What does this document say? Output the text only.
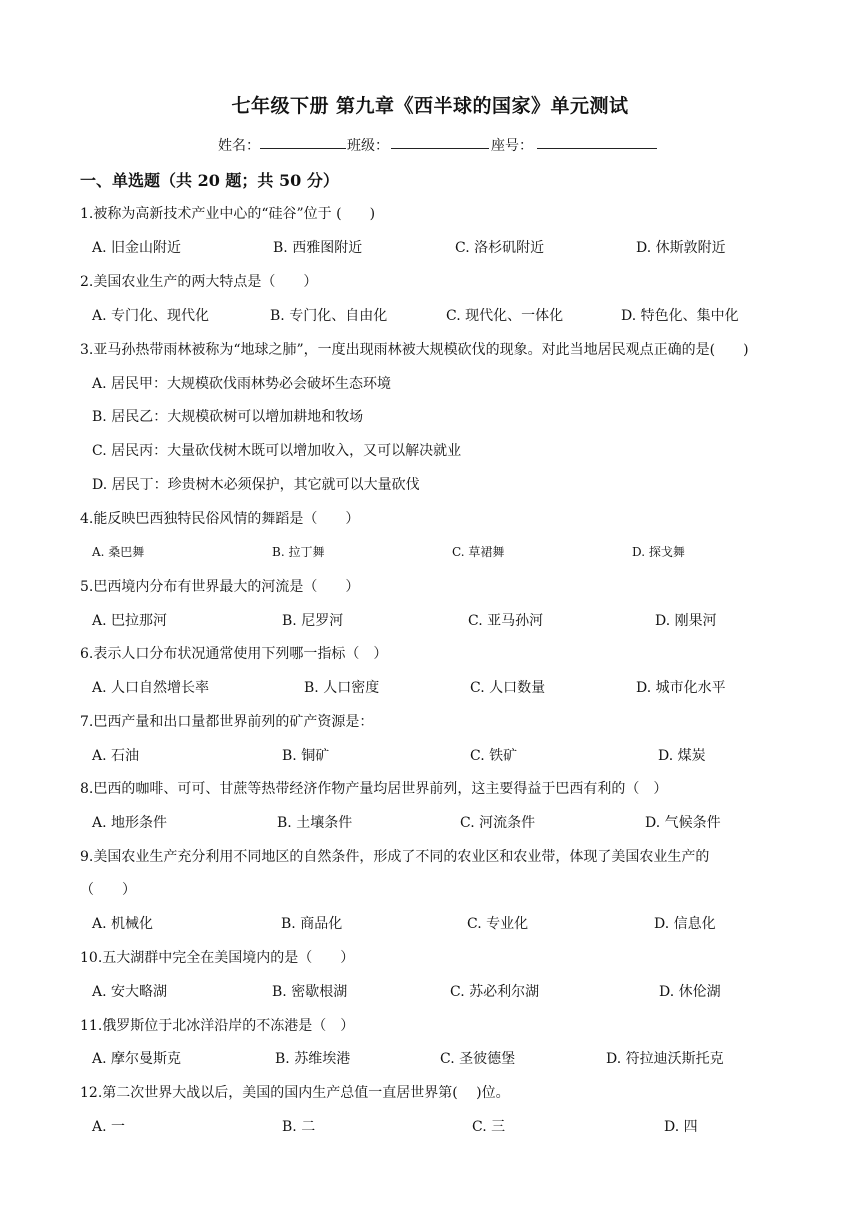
七年级下册 第九章《西半球的国家》单元测试
姓名：	班级：	座号：
一、单选题（共 20 题；共 50 分）
1.被称为高新技术产业中心的“硅谷”位于 (　　)
A. 旧金山附近	B. 西雅图附近	C. 洛杉矶附近	D. 休斯敦附近
2.美国农业生产的两大特点是（　　）
A. 专门化、现代化	B. 专门化、自由化	C. 现代化、一体化	D. 特色化、集中化
3.亚马孙热带雨林被称为“地球之肺”，一度出现雨林被大规模砍伐的现象。对此当地居民观点正确的是(　　)
A. 居民甲：大规模砍伐雨林势必会破坏生态环境
B. 居民乙：大规模砍树可以增加耕地和牧场
C. 居民丙：大量砍伐树木既可以增加收入，又可以解决就业
D. 居民丁：珍贵树木必须保护，其它就可以大量砍伐
4.能反映巴西独特民俗风情的舞蹈是（　　）
A. 桑巴舞	B. 拉丁舞	C. 草裙舞	D. 探戈舞
5.巴西境内分布有世界最大的河流是（　　）
A. 巴拉那河	B. 尼罗河	C. 亚马孙河	D. 刚果河
6.表示人口分布状况通常使用下列哪一指标（　）
A. 人口自然增长率	B. 人口密度	C. 人口数量	D. 城市化水平
7.巴西产量和出口量都世界前列的矿产资源是：
A. 石油	B. 铜矿	C. 铁矿	D. 煤炭
8.巴西的咖啡、可可、甘蔗等热带经济作物产量均居世界前列，这主要得益于巴西有利的（　）
A. 地形条件	B. 土壤条件	C. 河流条件	D. 气候条件
9.美国农业生产充分利用不同地区的自然条件，形成了不同的农业区和农业带，体现了美国农业生产的
（　　）
A. 机械化	B. 商品化	C. 专业化	D. 信息化
10.五大湖群中完全在美国境内的是（　　）
A. 安大略湖	B. 密歇根湖	C. 苏必利尔湖	D. 休伦湖
11.俄罗斯位于北冰洋沿岸的不冻港是（　）
A. 摩尔曼斯克	B. 苏维埃港	C. 圣彼德堡	D. 符拉迪沃斯托克
12.第二次世界大战以后，美国的国内生产总值一直居世界第(　 )位。
A. 一	B. 二	C. 三	D. 四
